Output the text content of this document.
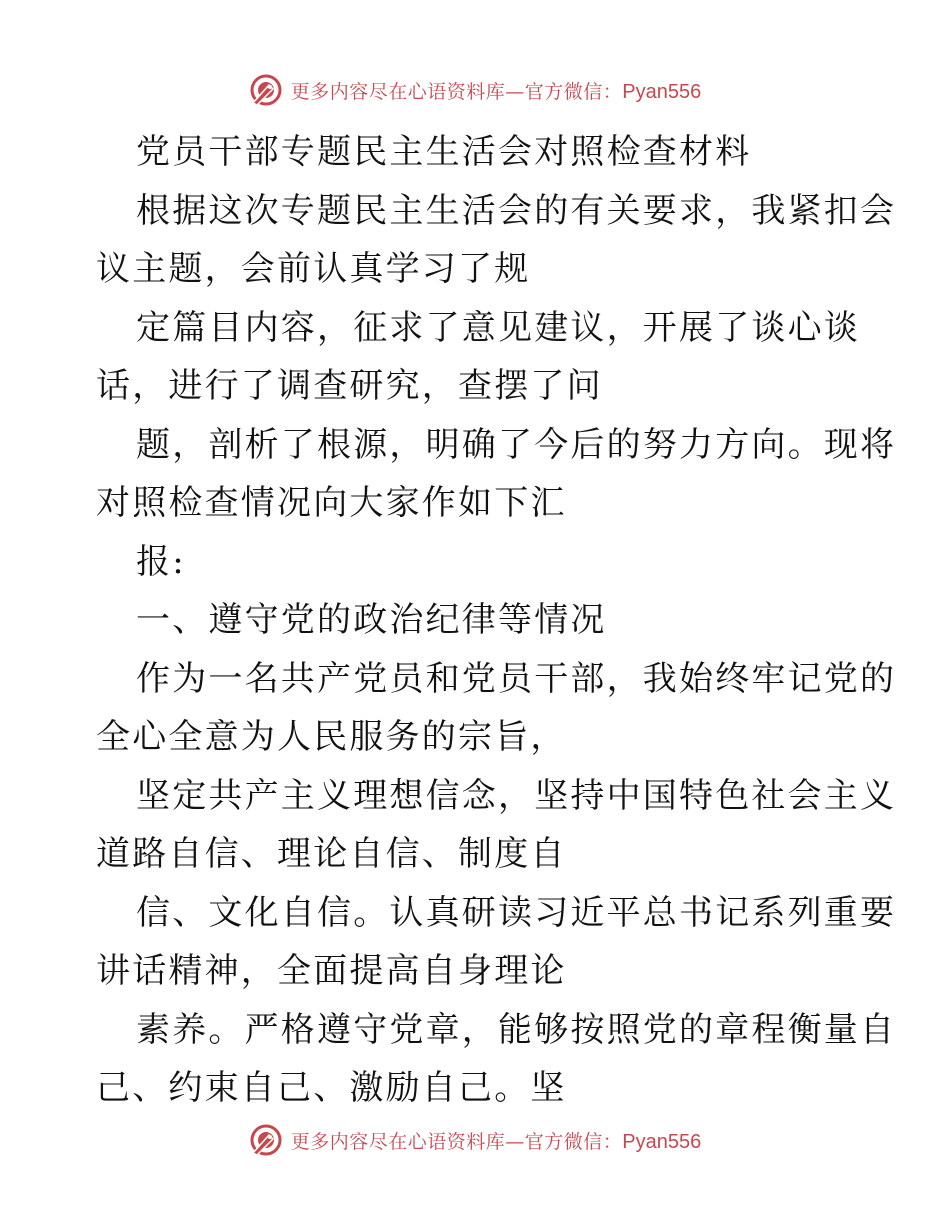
更多内容尽在心语资料库—官方微信：Pyan556
党员干部专题民主生活会对照检查材料
根据这次专题民主生活会的有关要求，我紧扣会
议主题，会前认真学习了规
定篇目内容，征求了意见建议，开展了谈心谈
话，进行了调查研究，查摆了问
题，剖析了根源，明确了今后的努力方向。现将
对照检查情况向大家作如下汇
报:
一、遵守党的政治纪律等情况
作为一名共产党员和党员干部，我始终牢记党的
全心全意为人民服务的宗旨，
坚定共产主义理想信念，坚持中国特色社会主义
道路自信、理论自信、制度自
信、文化自信。认真研读习近平总书记系列重要
讲话精神，全面提高自身理论
素养。严格遵守党章，能够按照党的章程衡量自
己、约束自己、激励自己。坚
更多内容尽在心语资料库—官方微信：Pyan556
